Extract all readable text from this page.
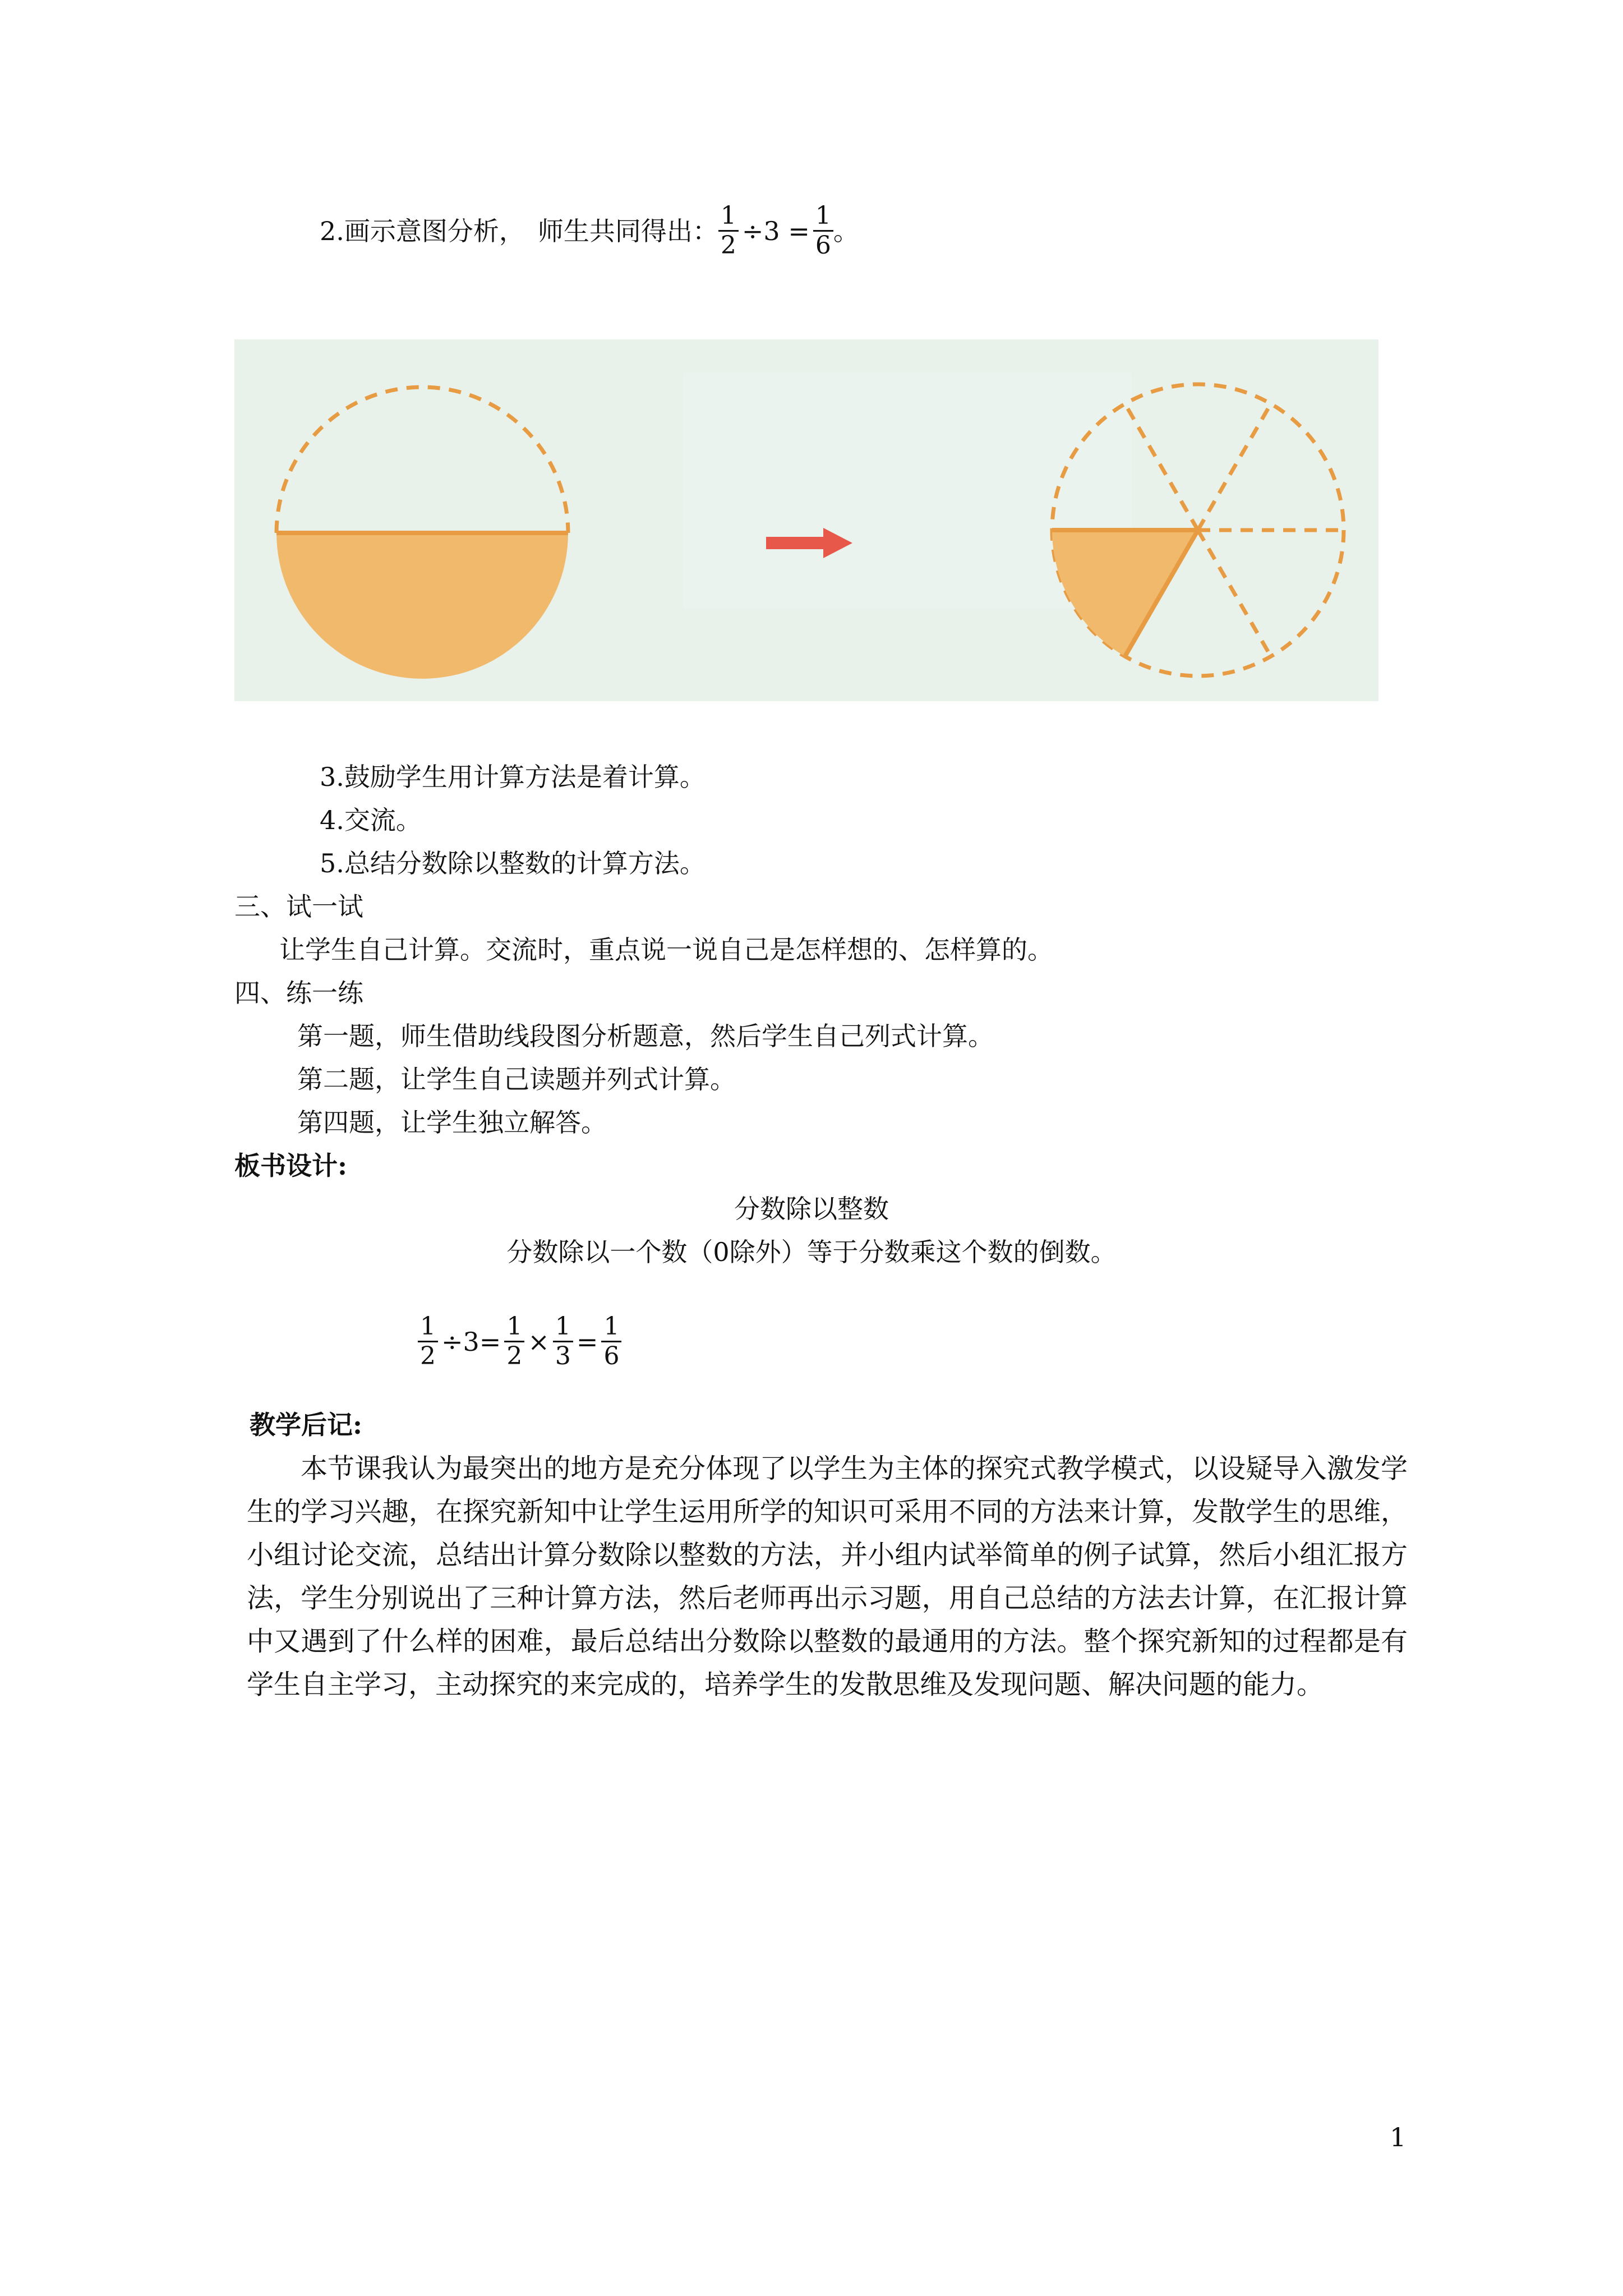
2.画示意图分析，　师生共同得出： $\frac{1}{2} \div 3 = \frac{1}{6}$ 。
3.鼓励学生用计算方法是着计算。
4.交流。
5.总结分数除以整数的计算方法。
三、试一试
让学生自己计算。交流时，重点说一说自己是怎样想的、怎样算的。
四、练一练
第一题，师生借助线段图分析题意，然后学生自己列式计算。
第二题，让学生自己读题并列式计算。
第四题，让学生独立解答。
板书设计:
分数除以整数
分数除以一个数（0除外）等于分数乘这个数的倒数。
$\frac{1}{2} \div 3= \frac{1}{2} \times \frac{1}{3} = \frac{1}{6}$
教学后记:
本节课我认为最突出的地方是充分体现了以学生为主体的探究式教学模式，以设疑导入激发学生的学习兴趣，在探究新知中让学生运用所学的知识可采用不同的方法来计算，发散学生的思维，小组讨论交流，总结出计算分数除以整数的方法，并小组内试举简单的例子试算，然后小组汇报方法，学生分别说出了三种计算方法，然后老师再出示习题，用自己总结的方法去计算，在汇报计算中又遇到了什么样的困难，最后总结出分数除以整数的最通用的方法。整个探究新知的过程都是有学生自主学习，主动探究的来完成的，培养学生的发散思维及发现问题、解决问题的能力。
1
